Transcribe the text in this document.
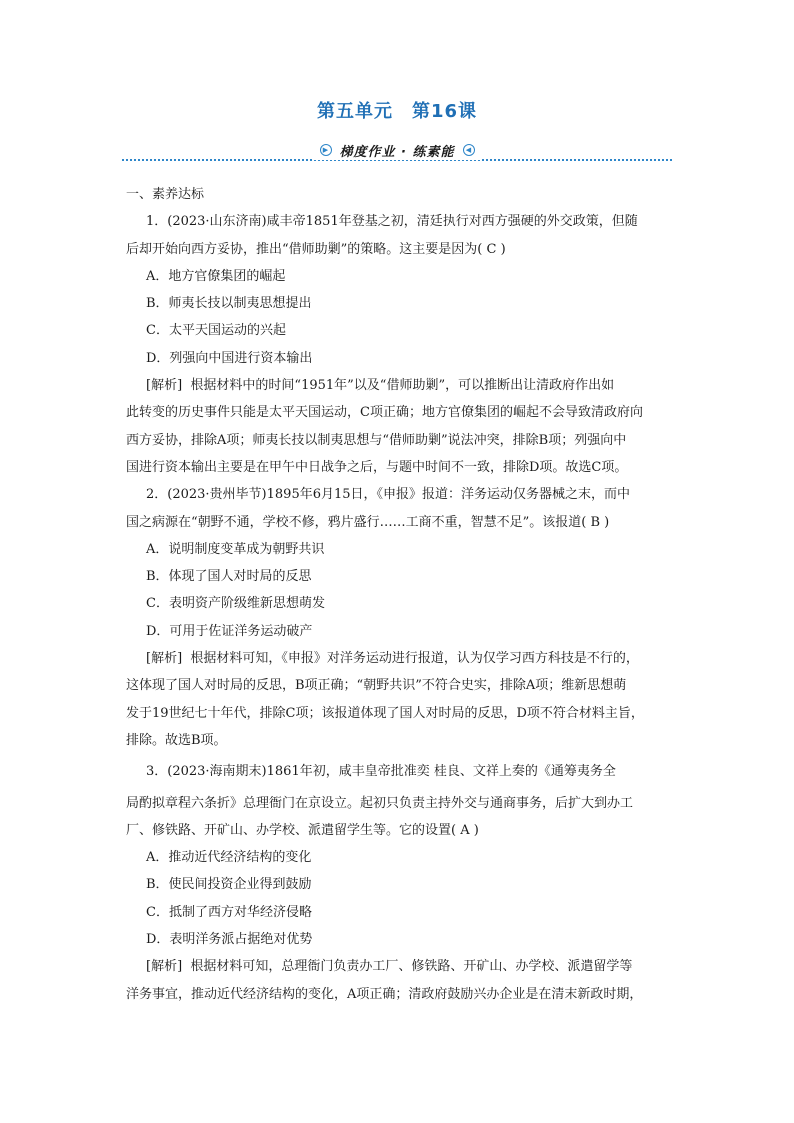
第五单元　第16课
▶ 梯度作业 · 练素能	◀
一、素养达标
1．(2023·山东济南)咸丰帝1851年登基之初，清廷执行对西方强硬的外交政策，但随
后却开始向西方妥协，推出“借师助剿”的策略。这主要是因为( C )
A．地方官僚集团的崛起
B．师夷长技以制夷思想提出
C．太平天国运动的兴起
D．列强向中国进行资本输出
[解析] 根据材料中的时间“1951年”以及“借师助剿”，可以推断出让清政府作出如
此转变的历史事件只能是太平天国运动，C项正确；地方官僚集团的崛起不会导致清政府向
西方妥协，排除A项；师夷长技以制夷思想与“借师助剿”说法冲突，排除B项；列强向中
国进行资本输出主要是在甲午中日战争之后，与题中时间不一致，排除D项。故选C项。
2．(2023·贵州毕节)1895年6月15日，《申报》报道：洋务运动仅务器械之末，而中
国之病源在“朝野不通，学校不修，鸦片盛行……工商不重，智慧不足”。该报道( B )
A．说明制度变革成为朝野共识
B．体现了国人对时局的反思
C．表明资产阶级维新思想萌发
D．可用于佐证洋务运动破产
[解析] 根据材料可知，《申报》对洋务运动进行报道，认为仅学习西方科技是不行的，
这体现了国人对时局的反思，B项正确；“朝野共识”不符合史实，排除A项；维新思想萌
发于19世纪七十年代，排除C项；该报道体现了国人对时局的反思，D项不符合材料主旨，
排除。故选B项。
3．(2023·海南期末)1861年初，咸丰皇帝批准奕 桂良、文祥上奏的《通筹夷务全
局酌拟章程六条折》总理衙门在京设立。起初只负责主持外交与通商事务，后扩大到办工
厂、修铁路、开矿山、办学校、派遣留学生等。它的设置( A )
A．推动近代经济结构的变化
B．使民间投资企业得到鼓励
C．抵制了西方对华经济侵略
D．表明洋务派占据绝对优势
[解析] 根据材料可知，总理衙门负责办工厂、修铁路、开矿山、办学校、派遣留学等
洋务事宜，推动近代经济结构的变化，A项正确；清政府鼓励兴办企业是在清末新政时期，
